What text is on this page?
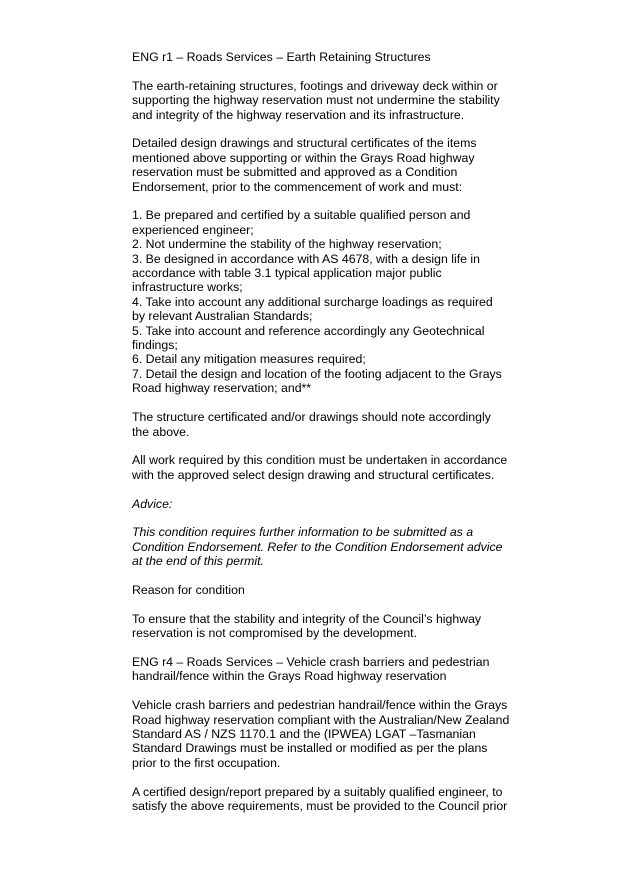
ENG r1 – Roads Services – Earth Retaining Structures
The earth-retaining structures, footings and driveway deck within or
supporting the highway reservation must not undermine the stability
and integrity of the highway reservation and its infrastructure.
Detailed design drawings and structural certificates of the items
mentioned above supporting or within the Grays Road highway
reservation must be submitted and approved as a Condition
Endorsement, prior to the commencement of work and must:
1. Be prepared and certified by a suitable qualified person and
experienced engineer;
2. Not undermine the stability of the highway reservation;
3. Be designed in accordance with AS 4678, with a design life in
accordance with table 3.1 typical application major public
infrastructure works;
4. Take into account any additional surcharge loadings as required
by relevant Australian Standards;
5. Take into account and reference accordingly any Geotechnical
findings;
6. Detail any mitigation measures required;
7. Detail the design and location of the footing adjacent to the Grays
Road highway reservation; and**
The structure certificated and/or drawings should note accordingly
the above.
All work required by this condition must be undertaken in accordance
with the approved select design drawing and structural certificates.
Advice:
This condition requires further information to be submitted as a
Condition Endorsement. Refer to the Condition Endorsement advice
at the end of this permit.
Reason for condition
To ensure that the stability and integrity of the Council’s highway
reservation is not compromised by the development.
ENG r4 – Roads Services – Vehicle crash barriers and pedestrian
handrail/fence within the Grays Road highway reservation
Vehicle crash barriers and pedestrian handrail/fence within the Grays
Road highway reservation compliant with the Australian/New Zealand
Standard AS / NZS 1170.1 and the (IPWEA) LGAT –Tasmanian
Standard Drawings must be installed or modified as per the plans
prior to the first occupation.
A certified design/report prepared by a suitably qualified engineer, to
satisfy the above requirements, must be provided to the Council prior
